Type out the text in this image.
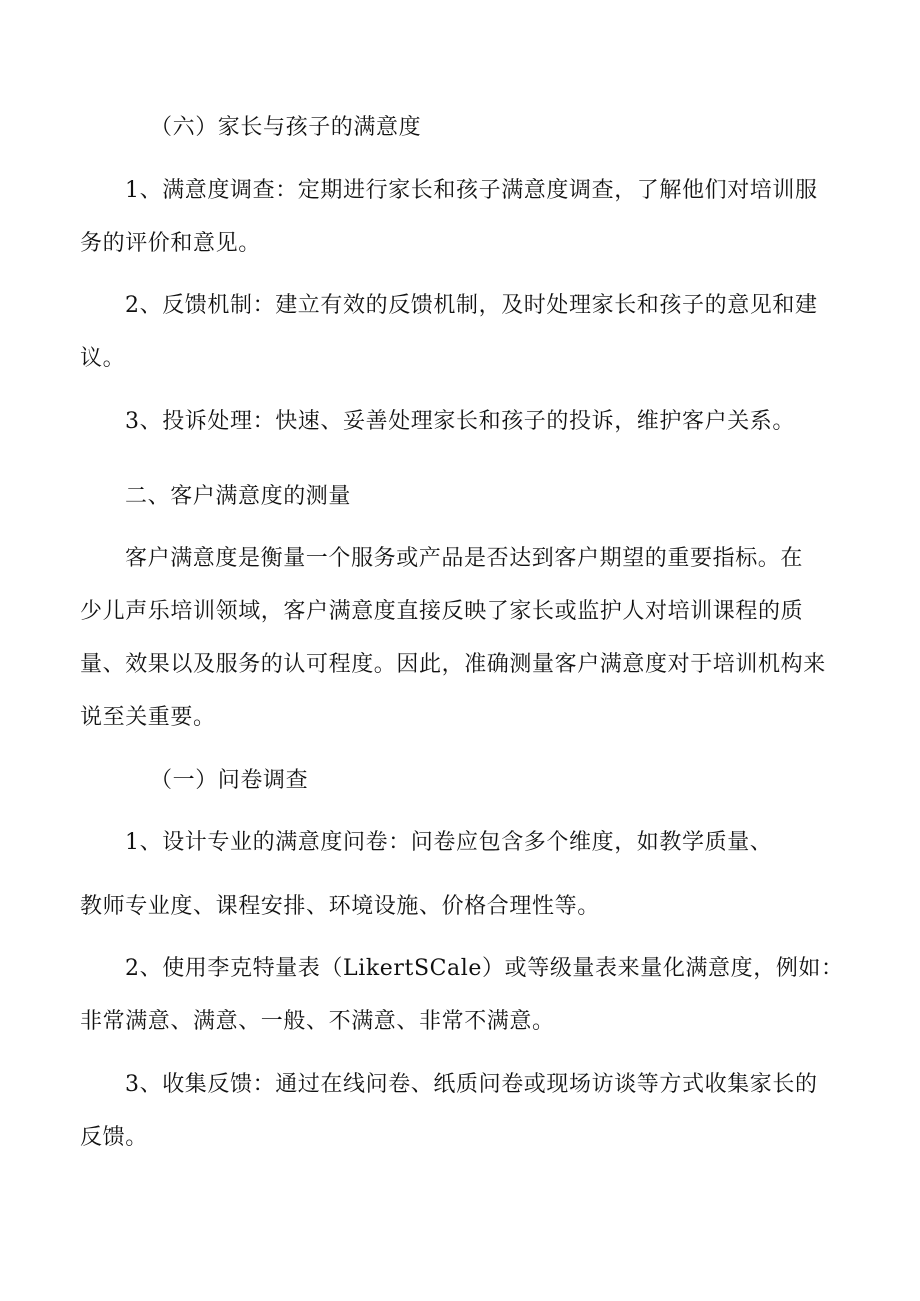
（六）家长与孩子的满意度
1、满意度调查：定期进行家长和孩子满意度调查，了解他们对培训服
务的评价和意见。
2、反馈机制：建立有效的反馈机制，及时处理家长和孩子的意见和建
议。
3、投诉处理：快速、妥善处理家长和孩子的投诉，维护客户关系。
二、客户满意度的测量
客户满意度是衡量一个服务或产品是否达到客户期望的重要指标。在
少儿声乐培训领域，客户满意度直接反映了家长或监护人对培训课程的质
量、效果以及服务的认可程度。因此，准确测量客户满意度对于培训机构来
说至关重要。
（一）问卷调查
1、设计专业的满意度问卷：问卷应包含多个维度，如教学质量、
教师专业度、课程安排、环境设施、价格合理性等。
2、使用李克特量表（LikertSCale）或等级量表来量化满意度，例如：
非常满意、满意、一般、不满意、非常不满意。
3、收集反馈：通过在线问卷、纸质问卷或现场访谈等方式收集家长的
反馈。
